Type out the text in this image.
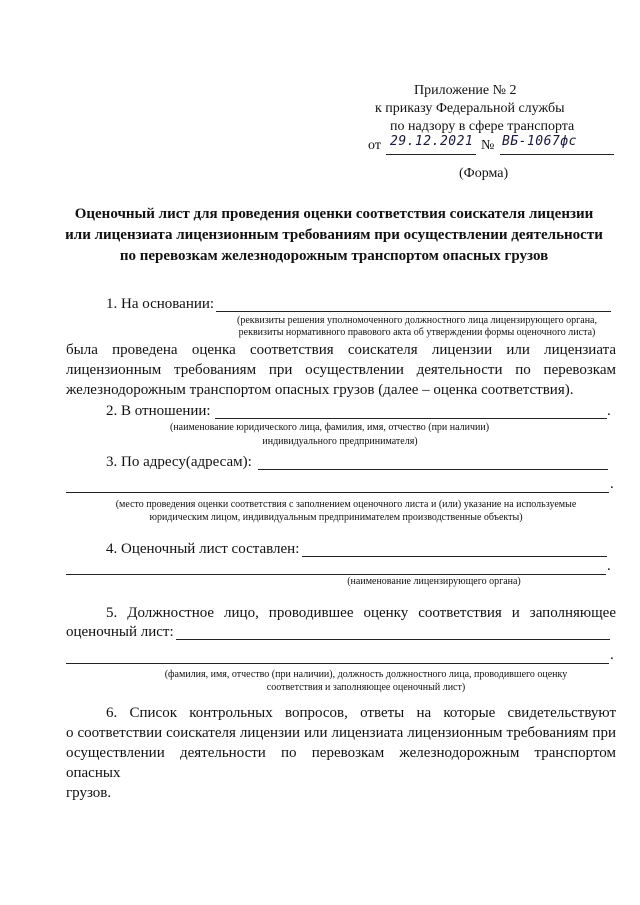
Приложение № 2
к приказу Федеральной службы
по надзору в сфере транспорта
от 29.12.2021 № ВБ-1067фс
(Форма)
Оценочный лист для проведения оценки соответствия соискателя лицензии
или лицензиата лицензионным требованиям при осуществлении деятельности
по перевозкам железнодорожным транспортом опасных грузов
1. На основании:
(реквизиты решения уполномоченного должностного лица лицензирующего органа,
реквизиты нормативного правового акта об утверждении формы оценочного листа)
была проведена оценка соответствия соискателя лицензии или лицензиата
лицензионным требованиям при осуществлении деятельности по перевозкам
железнодорожным транспортом опасных грузов (далее – оценка соответствия).
2. В отношении:	.
(наименование юридического лица, фамилия, имя, отчество (при наличии)
индивидуального предпринимателя)
3. По адресу(адресам):
.
(место проведения оценки соответствия с заполнением оценочного листа и (или) указание на используемые
юридическим лицом, индивидуальным предпринимателем производственные объекты)
4. Оценочный лист составлен:
.
(наименование лицензирующего органа)
5. Должностное лицо, проводившее оценку соответствия и заполняющее
оценочный лист:
.
(фамилия, имя, отчество (при наличии), должность должностного лица, проводившего оценку
соответствия и заполняющее оценочный лист)
6. Список контрольных вопросов, ответы на которые свидетельствуют
о соответствии соискателя лицензии или лицензиата лицензионным требованиям при
осуществлении деятельности по перевозкам железнодорожным транспортом опасных
грузов.
